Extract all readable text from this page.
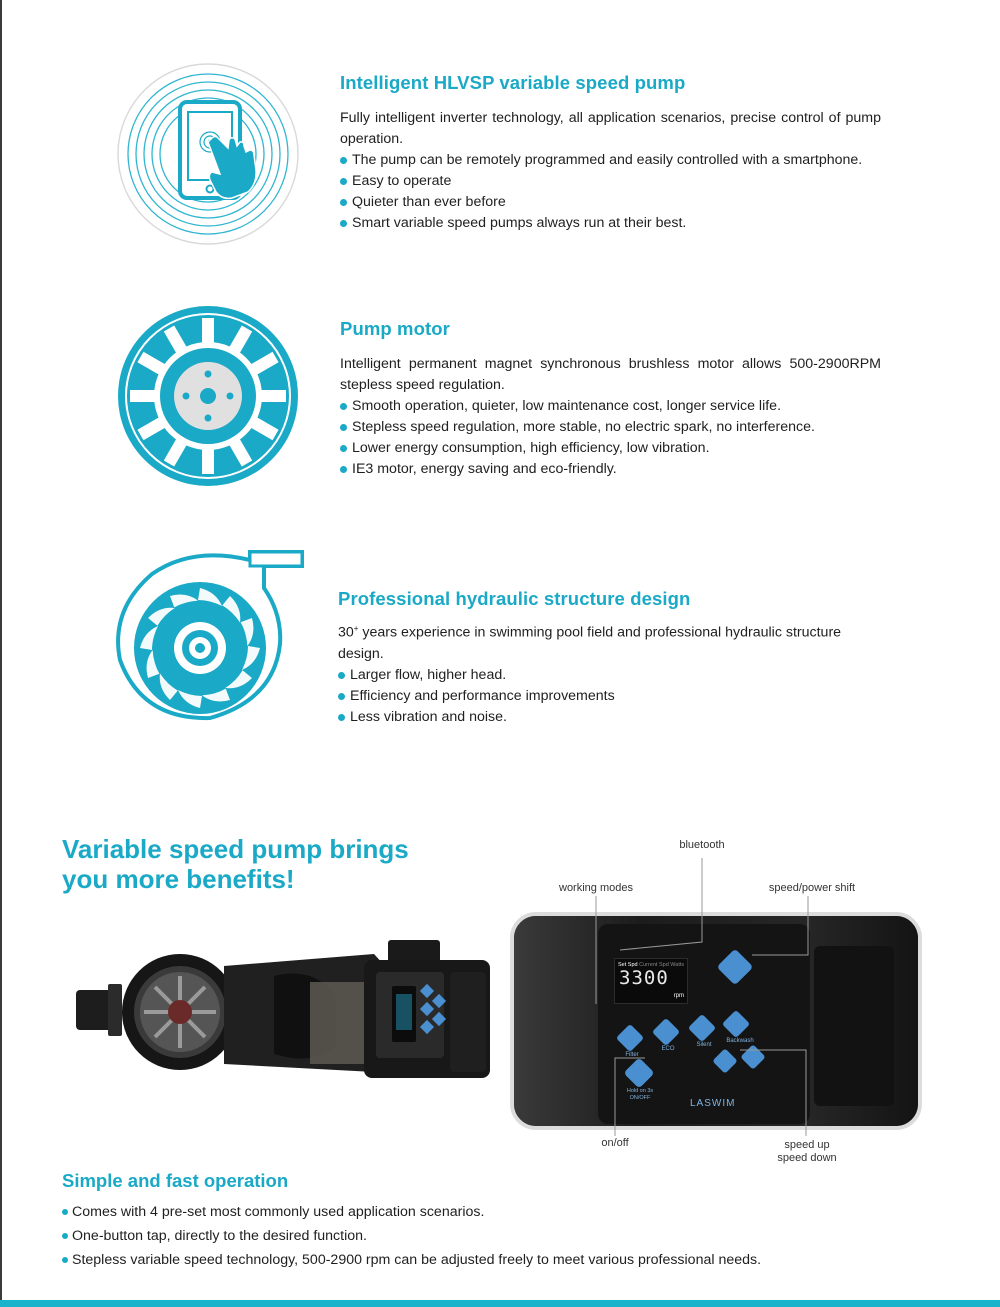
Intelligent HLVSP variable speed pump

Fully intelligent inverter technology, all application scenarios, precise control of pump operation.

The pump can be remotely programmed and easily controlled with a smartphone.
Easy to operate
Quieter than ever before
Smart variable speed pumps always run at their best.
Pump motor

Intelligent permanent magnet synchronous brushless motor allows 500-2900RPM stepless speed regulation.

Smooth operation, quieter, low maintenance cost, longer service life.
Stepless speed regulation, more stable, no electric spark, no interference.
Lower energy consumption, high efficiency, low vibration.
IE3 motor, energy saving and eco-friendly.
Professional hydraulic structure design

30+ years experience in swimming pool field and professional hydraulic structure design.

Larger flow, higher head.
Efficiency and performance improvements
Less vibration and noise.
Variable speed pump brings
you more benefits!
Set Spd Current Spd Watts
3300
rpm
Filter
ECO
Silent
Backwash
Hold on 3s ON/OFF	LASWIM
bluetooth
working modes	speed/power shift
on/off	speed up
speed down
Simple and fast operation
Comes with 4 pre-set most commonly used application scenarios.
One-button tap, directly to the desired function.
Stepless variable speed technology, 500-2900 rpm can be adjusted freely to meet various professional needs.
